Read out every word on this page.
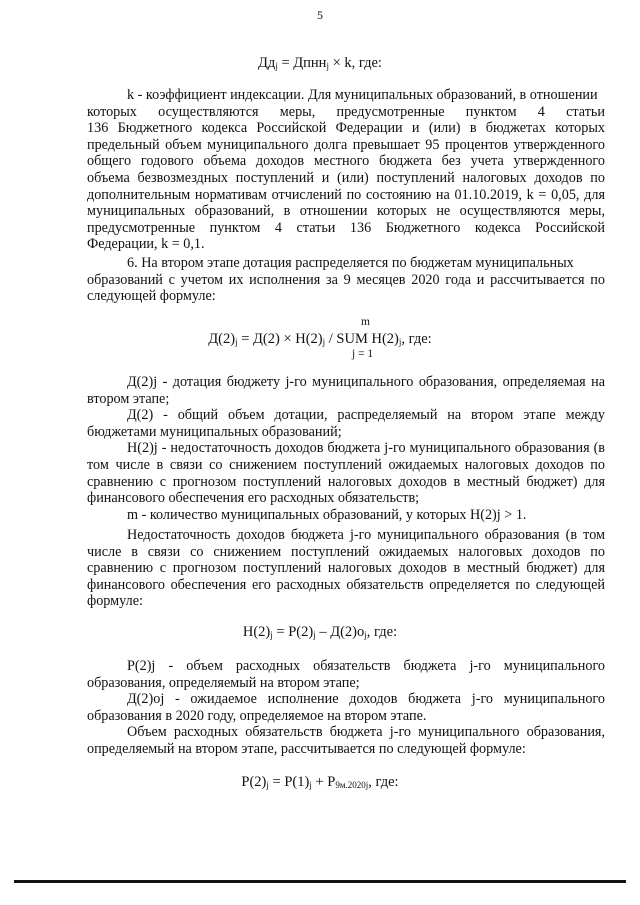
5
$Дд_j$ = Дпнн$_j$ × k, где:
k - коэффициент индексации. Для муниципальных образований, в отношении
которых осуществляются меры, предусмотренные пунктом 4 статьи
136 Бюджетного кодекса Российской Федерации и (или) в бюджетах которых
предельный объем муниципального долга превышает 95 процентов утвержденного
общего годового объема доходов местного бюджета без учета утвержденного
объема безвозмездных поступлений и (или) поступлений налоговых доходов по
дополнительным нормативам отчислений по состоянию на 01.10.2019, k = 0,05, для
муниципальных образований, в отношении которых не осуществляются меры,
предусмотренные пунктом 4 статьи 136 Бюджетного кодекса Российской
Федерации, k = 0,1.
6. На втором этапе дотация распределяется по бюджетам муниципальных
образований с учетом их исполнения за 9 месяцев 2020 года и рассчитывается по
следующей формуле:
m
$Д(2)_j = Д(2) \times Н(2)_j$ / SUM $Н(2)_j$, где:
j = 1
Д(2)j - дотация бюджету j-го муниципального образования, определяемая на
втором этапе;
Д(2) - общий объем дотации, распределяемый на втором этапе между
бюджетами муниципальных образований;
Н(2)j - недостаточность доходов бюджета j-го муниципального образования (в
том числе в связи со снижением поступлений ожидаемых налоговых доходов по
сравнению с прогнозом поступлений налоговых доходов в местный бюджет) для
финансового обеспечения его расходных обязательств;
m - количество муниципальных образований, у которых Н(2)j > 1.
Недостаточность доходов бюджета j-го муниципального образования (в том
числе в связи со снижением поступлений ожидаемых налоговых доходов по
сравнению с прогнозом поступлений налоговых доходов в местный бюджет) для
финансового обеспечения его расходных обязательств определяется по следующей
формуле:
$Н(2)_j = Р(2)_j - Д(2)о_j$, где:
Р(2)j - объем расходных обязательств бюджета j-го муниципального
образования, определяемый на втором этапе;
Д(2)оj - ожидаемое исполнение доходов бюджета j-го муниципального
образования в 2020 году, определяемое на втором этапе.
Объем расходных обязательств бюджета j-го муниципального образования,
определяемый на втором этапе, рассчитывается по следующей формуле:
$Р(2)_j = Р(1)_j + Р_{9м.2020j}$, где:
